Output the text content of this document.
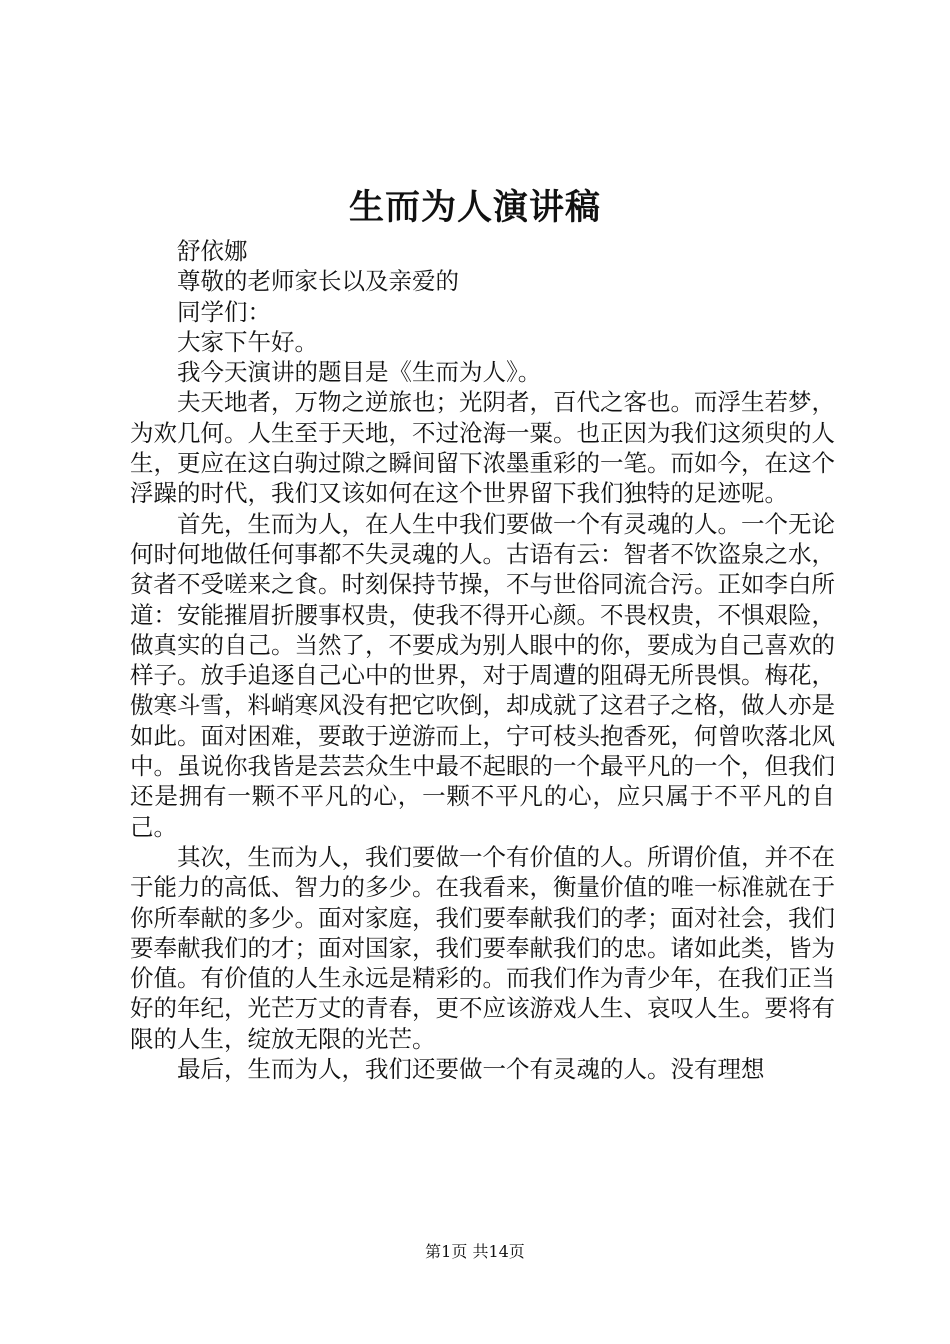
生而为人演讲稿

舒依娜

尊敬的老师家长以及亲爱的

同学们：

大家下午好。

我今天演讲的题目是《生而为人》。

夫天地者，万物之逆旅也；光阴者，百代之客也。而浮生若梦，为欢几何。人生至于天地，不过沧海一粟。也正因为我们这须臾的人生，更应在这白驹过隙之瞬间留下浓墨重彩的一笔。而如今，在这个浮躁的时代，我们又该如何在这个世界留下我们独特的足迹呢。

首先，生而为人，在人生中我们要做一个有灵魂的人。一个无论何时何地做任何事都不失灵魂的人。古语有云：智者不饮盗泉之水，贫者不受嗟来之食。时刻保持节操，不与世俗同流合污。正如李白所道：安能摧眉折腰事权贵，使我不得开心颜。不畏权贵，不惧艰险，做真实的自己。当然了，不要成为别人眼中的你，要成为自己喜欢的样子。放手追逐自己心中的世界，对于周遭的阻碍无所畏惧。梅花，傲寒斗雪，料峭寒风没有把它吹倒，却成就了这君子之格，做人亦是如此。面对困难，要敢于逆游而上，宁可枝头抱香死，何曾吹落北风中。虽说你我皆是芸芸众生中最不起眼的一个最平凡的一个，但我们还是拥有一颗不平凡的心，一颗不平凡的心，应只属于不平凡的自己。

其次，生而为人，我们要做一个有价值的人。所谓价值，并不在于能力的高低、智力的多少。在我看来，衡量价值的唯一标准就在于你所奉献的多少。面对家庭，我们要奉献我们的孝；面对社会，我们要奉献我们的才；面对国家，我们要奉献我们的忠。诸如此类，皆为价值。有价值的人生永远是精彩的。而我们作为青少年，在我们正当好的年纪，光芒万丈的青春，更不应该游戏人生、哀叹人生。要将有限的人生，绽放无限的光芒。

最后，生而为人，我们还要做一个有灵魂的人。没有理想

第1页 共14页
